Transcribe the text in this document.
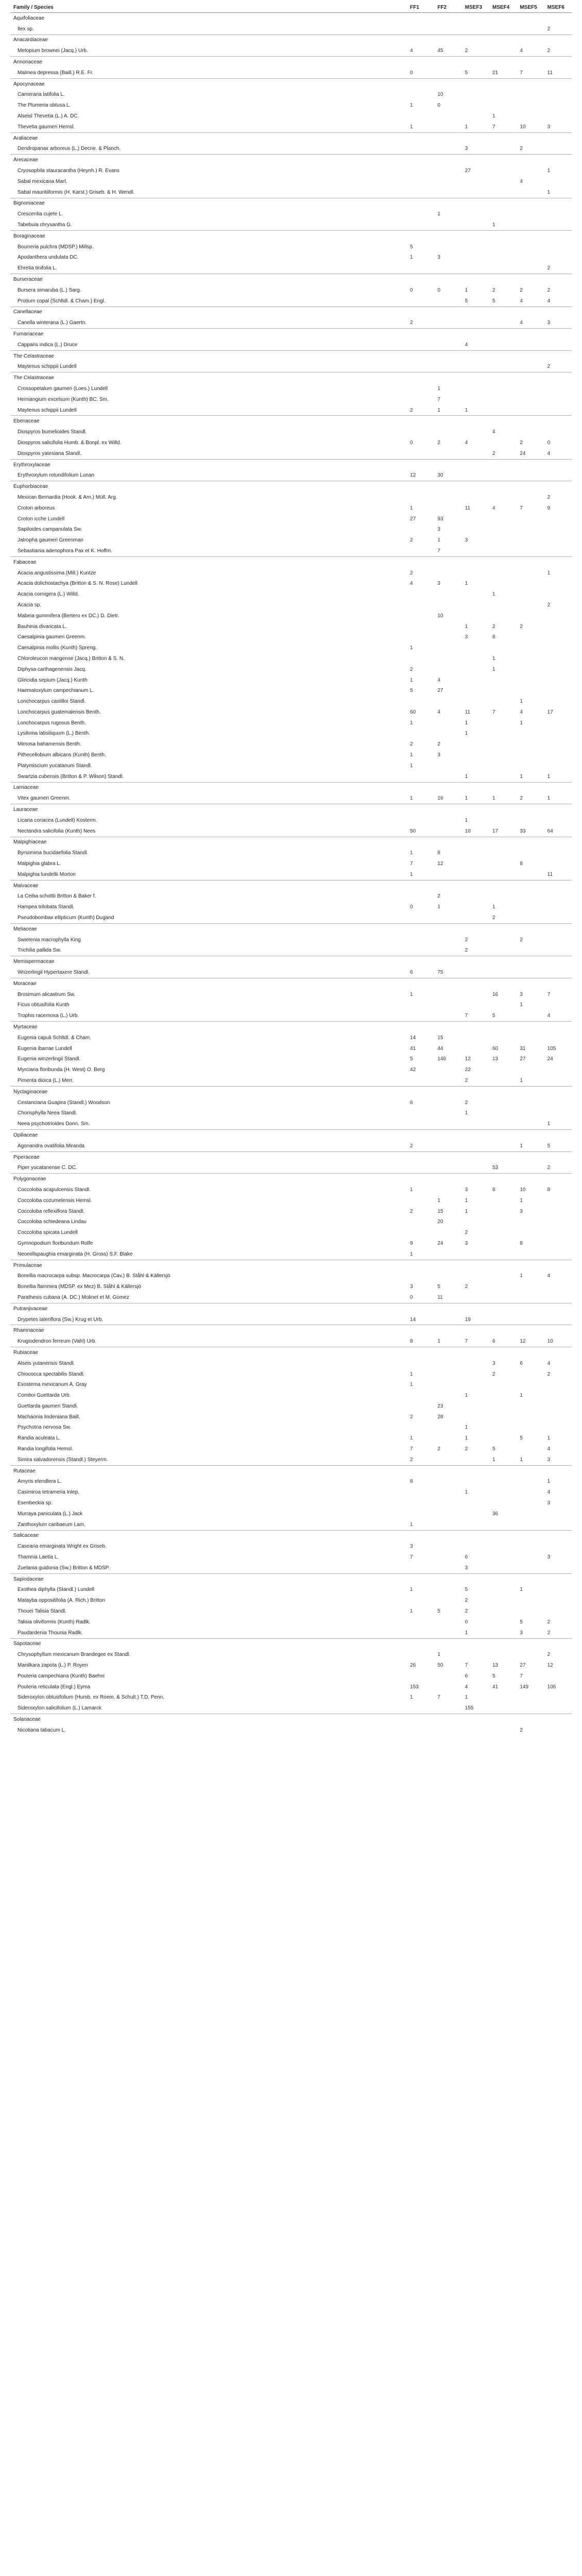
Family / Species	FF1	FF2	MSEF3	MSEF4	MSEF5	MSEF6
Aquifoliaceae						
Ilex sp.						2
Anacardiaceae						
Metopium brownei (Jacq.) Urb.	4	45	2		4	2
Annonaceae						
Malmea depressa (Baill.) R.E. Fr.	0		5	21	7	11
Apocynaceae						
Cameraria latifolia L.		10				
The Plumeria obtusa L.	1	0				
Alseisl Thevetia (L.) A. DC.				1		
Thevetia gaumeri Hemsl.	1		1	7	10	3
Araliaceae						
Dendropanax arboreus (L.) Decne. & Planch.			3		2	
Arecaceae						
Cryosophila stauracantha (Heynh.) R. Evans			27			1
Sabal mexicana Mart.					4	
Sabal mauritiiformis (H. Karst.) Griseb. & H. Wendl.						1
Bignoniaceae						
Crescentia cujete L.		1				
Tabebuia chrysantha G.				1		
Boraginaceae						
Bourreria pulchra (MDSP.) Millsp.	5					
Apodanthera undulata DC.	1	3				
Ehretia tinifolia L.						2
Burseraceae						
Bursera simaruba (L.) Sarg.	0	0	1	2	2	2
Protium copal (Schltdl. & Cham.) Engl.			5	5	4	4
Canellaceae						
Canella winterana (L.) Gaertn.	2				4	3
Fumariaceae						
Capparis indica (L.) Druce			4			
The Celastraceae						
Maytenus schippii Lundell						2
The Celastraceae						
Crossopetalum gaumeri (Loes.) Lundell		1				
Hemiangium excelsum (Kunth) BC. Sm.		7				
Maytenus schippii Lundell	2	1	1			
Ebenaceae						
Diospyros bumelioides Standl.				4		
Diospyros salicifolia Humb. & Bonpl. ex Willd.	0	2	4		2	0
Diospyros yatesiana Standl.				2	24	4
Erythroxylaceae						
Erythroxylum rotundifolium Lunan	12	30				
Euphorbiaceae						
Mexican Bernardia (Hook. & Arn.) Müll. Arg.						2
Croton arboreus	1		11	4	7	9
Croton icche Lundell	27	93				
Sapiloides campanulata Sw.		3				
Jatropha gaumeri Greenman	2	1	3			
Sebastiania adenophora Pax et K. Hoffm.		7				
Fabaceae						
Acacia angustissima (Mill.) Kuntze	2					1
Acacia dolichostachya (Britton & S. N. Rose) Lundell	4	3	1			
Acacia cornigera (L.) Willd.				1		
Acacia sp.						2
Mabeia gummifera (Bertero ex DC.) D. Dietr.		10				
Bauhinia divaricata L.			1	2	2	
Caesalpinia gaumeri Greenm.			3	8		
Caesalpinia mollis (Kunth) Spreng.	1					
Chloroleucon mangense (Jacq.) Britton & S. N.				1		
Diphysa carthagenensis Jacq.	2			1		
Gliricidia sepium (Jacq.) Kunth	1	4				
Haematoxylum campechianum L.	5	27				
Lonchocarpus castilloi Standl.					1	
Lonchocarpus guatemalensis Benth.	60	4	11	7	4	17
Lonchocarpus rugosus Benth.	1		1		1	
Lysiloma latisiliquum (L.) Benth.			1			
Mimosa bahamensis Benth.	2	2				
Pithecellobium albicans (Kunth) Benth.	1	3				
Platymiscium yucatanum Standl.	1					
Swartzia cubensis (Britton & P. Wilson) Standl.			1		1	1
Lamiaceae						
Vitex gaumeri Greenm.	1	16	1	1	2	1
Lauraceae						
Licaria coriacea (Lundell) Kosterm.			1			
Nectandra salicifolia (Kunth) Nees	50		10	17	33	64
Malpighiaceae						
Byrsonima bucidaefolia Standl.	1	8				
Malpighia glabra L.	7	12			8	
Malpighia lundellii Morton	1					11
Malvaceae						
La Ceiba schottii Britton & Baker f.		2				
Hampea trilobata Standl.	0	1		1		
Pseudobombax ellipticum (Kunth) Dugand				2		
Meliaceae						
Swietenia macrophylla King			2		2	
Trichilia pallida Sw.			2			
Memispermaceae						
Wrizerlingil Hypertaxere Standl.	6	75				
Moraceae						
Brosimum alicastrum Sw.	1			16	3	7
Ficus obtusifolia Kunth					1	
Trophis racemosa (L.) Urb.			7	5		4
Myrtaceae						
Eugenia capuli Schltdl. & Cham.	14	15				
Eugenia ibarrae Lundell	41	44		60	31	105
Eugenia winzerlingii Standl.	5	146	12	13	27	24
Myrciaria floribunda (H. West) O. Berg	42		22			
Pimenta dioica (L.) Merr.			2		1	
Nyctaginaceae						
Cestanciana Guapira (Standl.) Woodson	6		2			
Chorisphylla Neea Standl.			1			
Neea psychotrioides Donn. Sm.						1
Opiliaceae						
Agonandra ovatifolia Miranda	2				1	5
Piperaceae						
Piper yucatanense C. DC.				53		2
Polygonaceae						
Coccoloba acapulcensis Standl.	1		3	8	10	8
Coccoloba cozumelensis Hemsl.		1	1		1	
Coccoloba reflexiflora Standl.	2	15	1		3	
Coccoloba schiedeana Lindau		20				
Coccoloba spicata Lundell			2			
Gymnopodium floribundum Rolfe	9	24	3		8	
Neomillspaughia emarginata (H. Gross) S.F. Blake	1					
Primulaceae						
Bonellia macrocarpa subsp. Macrocarpa (Cav.) B. Ståhl & Källersjö					1	4
Bonellia flammea (MDSP. ex Mez) B. Ståhl & Källersjö	3	5	2			
Parathesis cubana (A. DC.) Molinet et M. Gomez	0	11				
Putranjivaceae						
Drypetes lateriflora (Sw.) Krug et Urb.	14		19			
Rhamnaceae						
Krugiodendron ferreum (Vahl) Urb.	8	1	7	6	12	10
Rubiaceae						
Alseis yutanensis Standl.				3	6	4
Chiococca spectabilis Standl.	1			2		2
Exostema mexicanum A. Gray	1					
Comboi Guettarda Urb.			1		1	
Guettarda gaumeri Standl.		23				
Machaonia lindeniana Baill.	2	28				
Psychotria nervosa Sw.			1			
Randia aculeata L.	1		1		5	1
Randia longifolia Hemsl.	7	2	2	5		4
Simira salvadorensis (Standl.) Steyerm.	2			1	1	3
Rutaceae						
Amyris elendlera L.	8					1
Casimiroa tetrameria Inlep.			1			4
Esenbeckia sp.						3
Murraya paniculata (L.) Jack				36		
Zanthoxylum caribaeum Lam.	1					
Salicaceae						
Casearia emarginata Wright ex Griseb.	3					
Thamnia Laetia L.	7		6			3
Zuelania guidonia (Sw.) Britton & MDSP.			3			
Sapindaceae						
Exothea diphylla (Standl.) Lundell	1		5		1	
Matayba oppositifolia (A. Rich.) Britton			2			
Thouei Talisia Standl.	1	5	2			
Talisia oliviformis (Kunth) Radlk.			0		5	2
Paudardenia Thounia Radlk.			1		3	2
Sapotaceae						
Chrysophyllum mexicanum Brandegee ex Standl.		1				2
Manilkara zapota (L.) P. Royen	26	50	7	13	27	12
Pouteria campechiana (Kunth) Baehni			6	5	7	
Pouteria reticulata (Engl.) Eyma	153		4	41	149	106
Sideroxylon obtusifolium (Humb. ex Roem. & Schult.) T.D. Penn.	1	7	1			
Sideroxylon salicifolium (L.) Lamarck			155			
Solanaceae						
Nicotiana tabacum L.					2	
